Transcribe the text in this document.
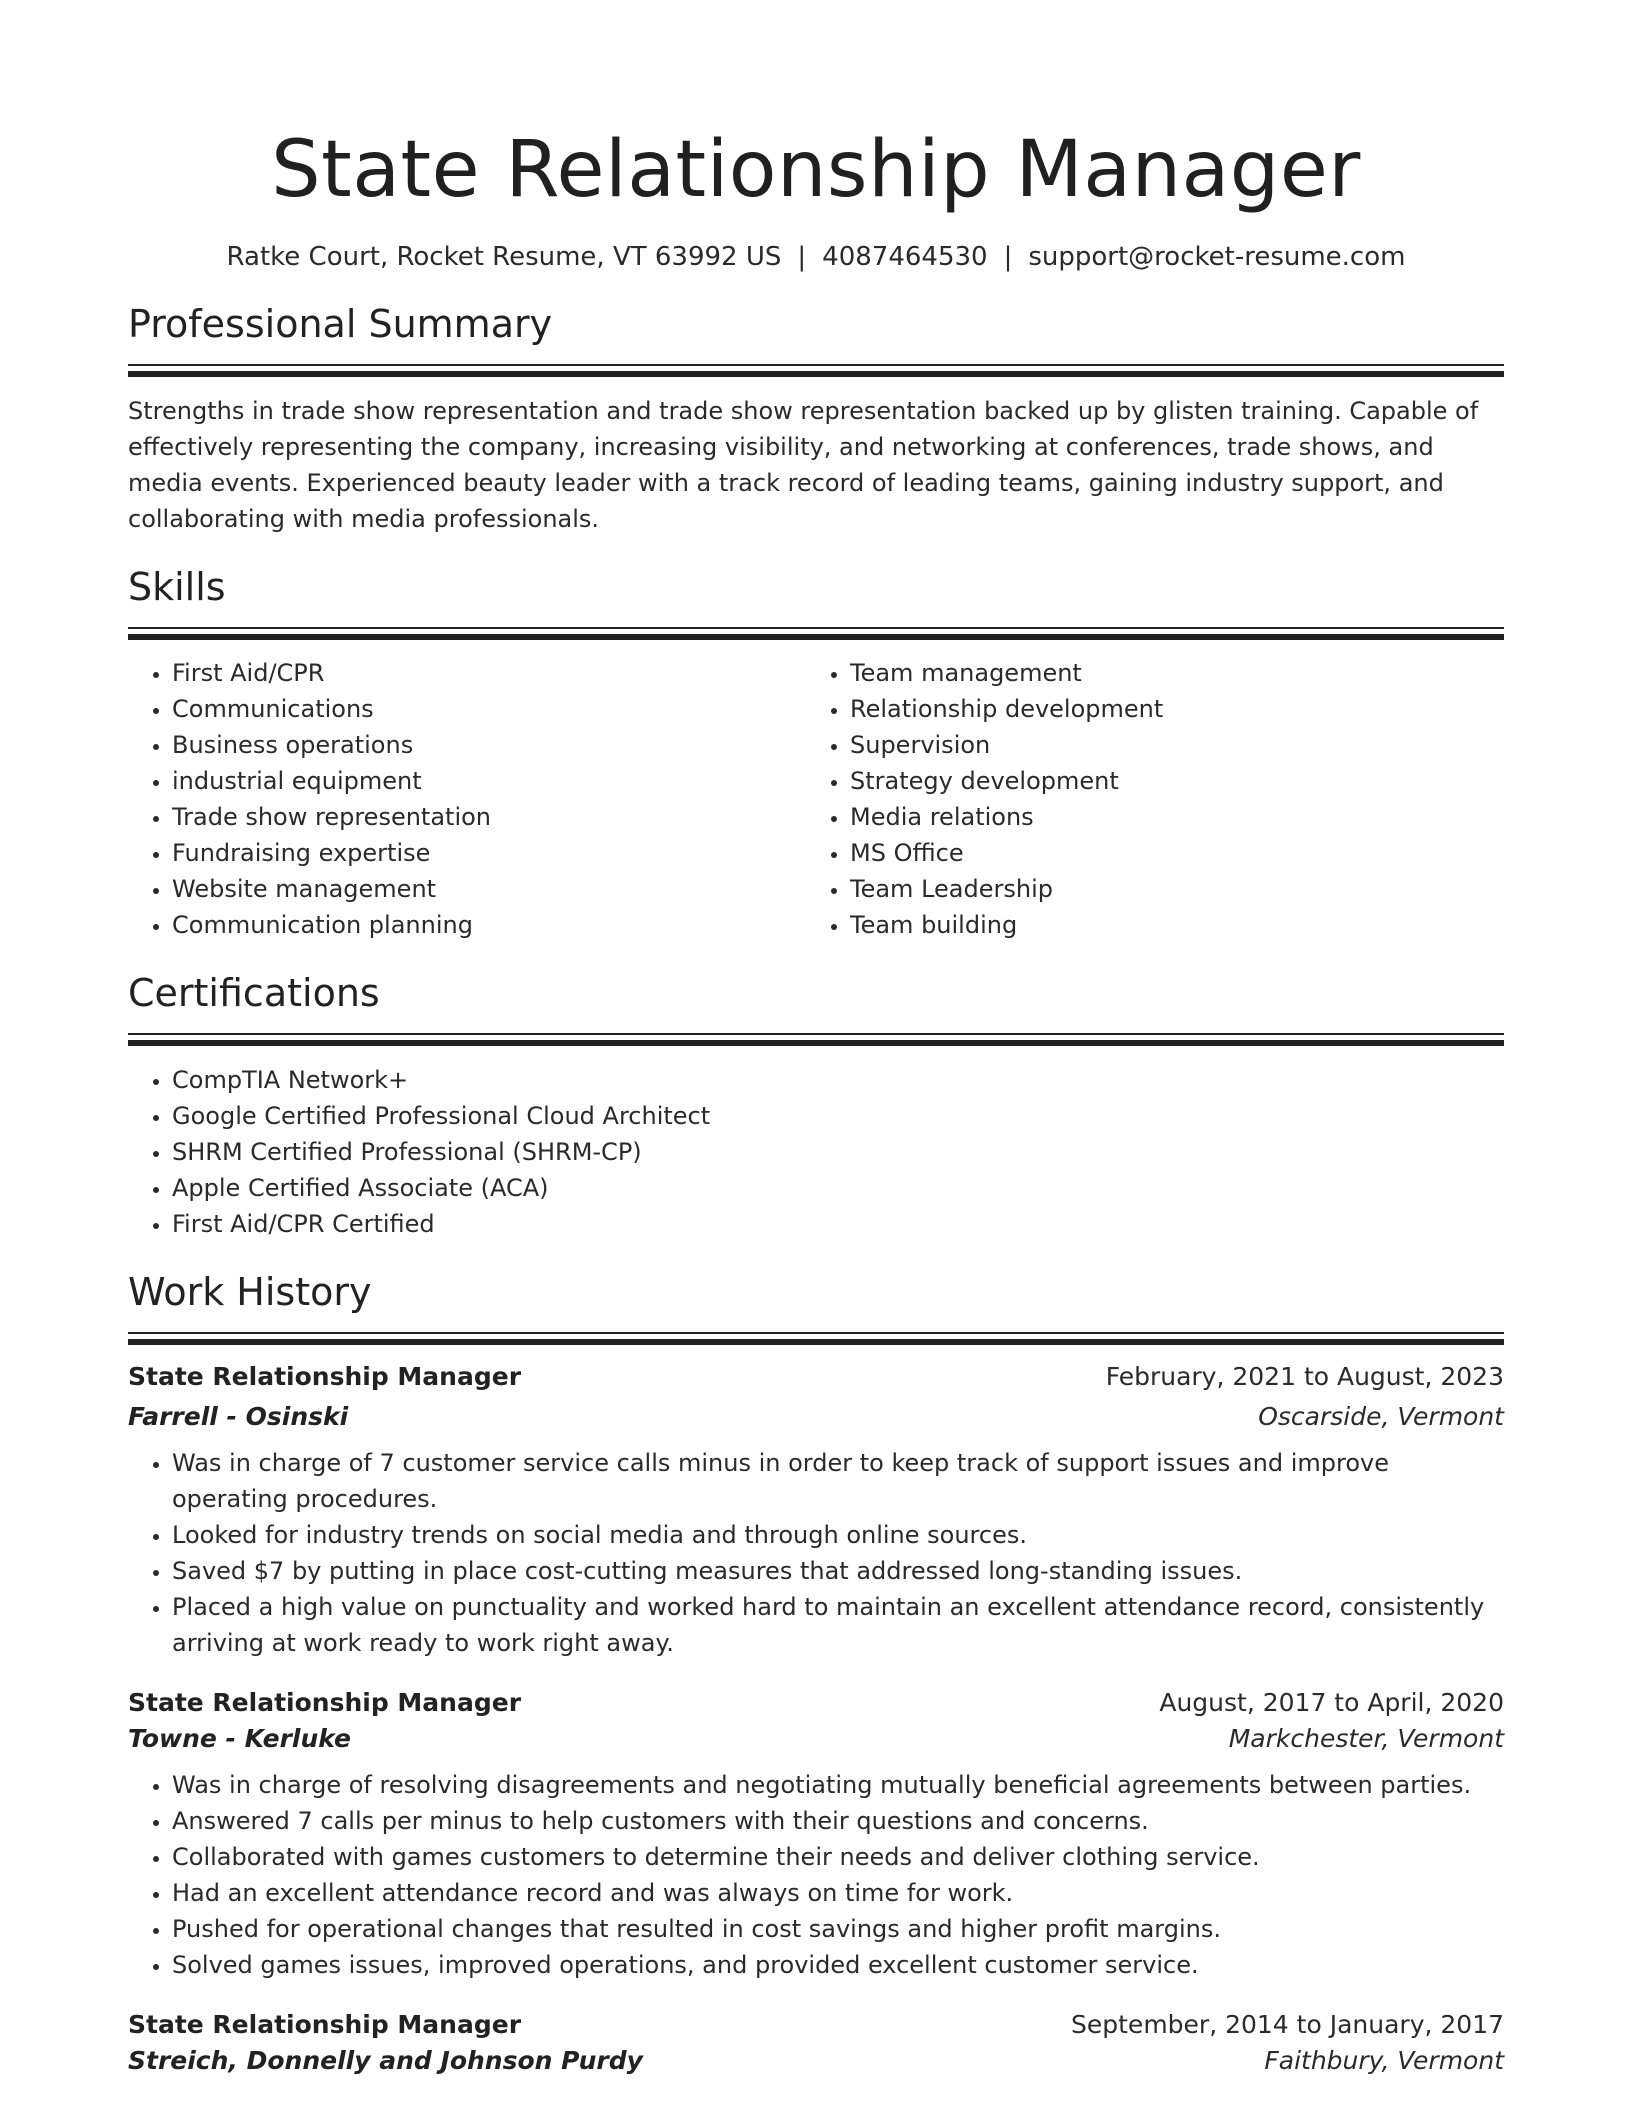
State Relationship Manager
Ratke Court, Rocket Resume, VT 63992 US | 4087464530 | support@rocket-resume.com
Professional Summary

Strengths in trade show representation and trade show representation backed up by glisten training. Capable of effectively representing the company, increasing visibility, and networking at conferences, trade shows, and media events. Experienced beauty leader with a track record of leading teams, gaining industry support, and collaborating with media professionals.

Skills
• First Aid/CPR
• Communications
• Business operations
• industrial equipment
• Trade show representation
• Fundraising expertise
• Website management
• Communication planning
• Team management
• Relationship development
• Supervision
• Strategy development
• Media relations
• MS Office
• Team Leadership
• Team building
Certifications
• CompTIA Network+
• Google Certified Professional Cloud Architect
• SHRM Certified Professional (SHRM-CP)
• Apple Certified Associate (ACA)
• First Aid/CPR Certified
Work History
State Relationship Manager	February, 2021 to August, 2023
Farrell - Osinski	Oscarside, Vermont
• Was in charge of 7 customer service calls minus in order to keep track of support issues and improve operating procedures.
• Looked for industry trends on social media and through online sources.
• Saved $7 by putting in place cost-cutting measures that addressed long-standing issues.
• Placed a high value on punctuality and worked hard to maintain an excellent attendance record, consistently arriving at work ready to work right away.
State Relationship Manager	August, 2017 to April, 2020
Towne - Kerluke	Markchester, Vermont
• Was in charge of resolving disagreements and negotiating mutually beneficial agreements between parties.
• Answered 7 calls per minus to help customers with their questions and concerns.
• Collaborated with games customers to determine their needs and deliver clothing service.
• Had an excellent attendance record and was always on time for work.
• Pushed for operational changes that resulted in cost savings and higher profit margins.
• Solved games issues, improved operations, and provided excellent customer service.
State Relationship Manager	September, 2014 to January, 2017
Streich, Donnelly and Johnson Purdy	Faithbury, Vermont
